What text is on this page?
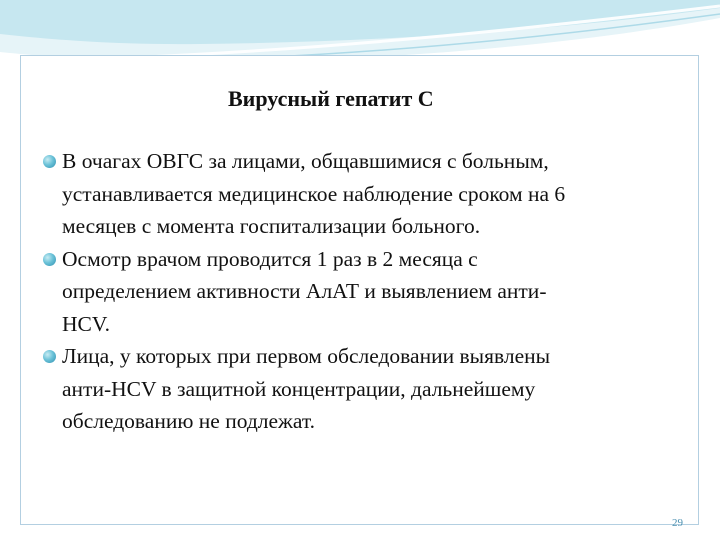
Вирусный гепатит С
В очагах ОВГС за лицами, общавшимися с больным,
устанавливается медицинское наблюдение сроком на 6
месяцев с момента госпитализации больного.
Осмотр врачом проводится 1 раз в 2 месяца с
определением активности АлАТ и выявлением анти-
HCV.
Лица, у которых при первом обследовании выявлены
анти-HCV в защитной концентрации, дальнейшему
обследованию не подлежат.
29
